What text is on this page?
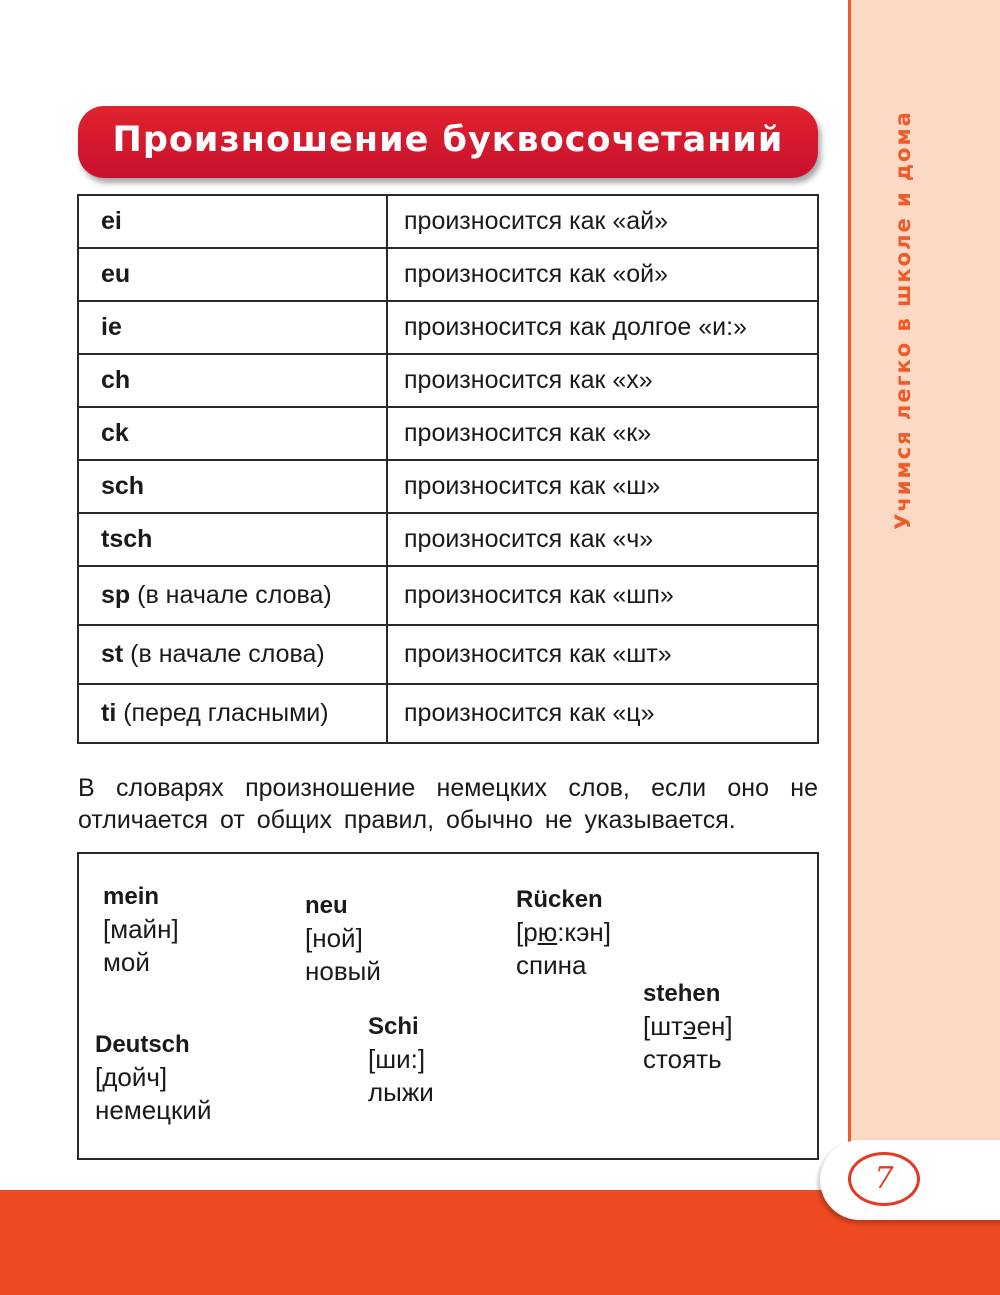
Учимся легко в школе и дома
7
Произношение буквосочетаний
ei	произносится как «ай»
eu	произносится как «ой»
ie	произносится как долгое «и:»
ch	произносится как «х»
ck	произносится как «к»
sch	произносится как «ш»
tsch	произносится как «ч»
sp (в начале слова)	произносится как «шп»
st (в начале слова)	произносится как «шт»
ti (перед гласными)	произносится как «ц»
В словарях произношение немецких слов, если оно не отличается от общих правил, обычно не указывается.
mein
[майн]
мой
neu
[ной]
новый
Rücken
[рю:кэн]
спина
stehen
[штэен]
стоять
Deutsch
[дойч]
немецкий
Schi
[ши:]
лыжи
